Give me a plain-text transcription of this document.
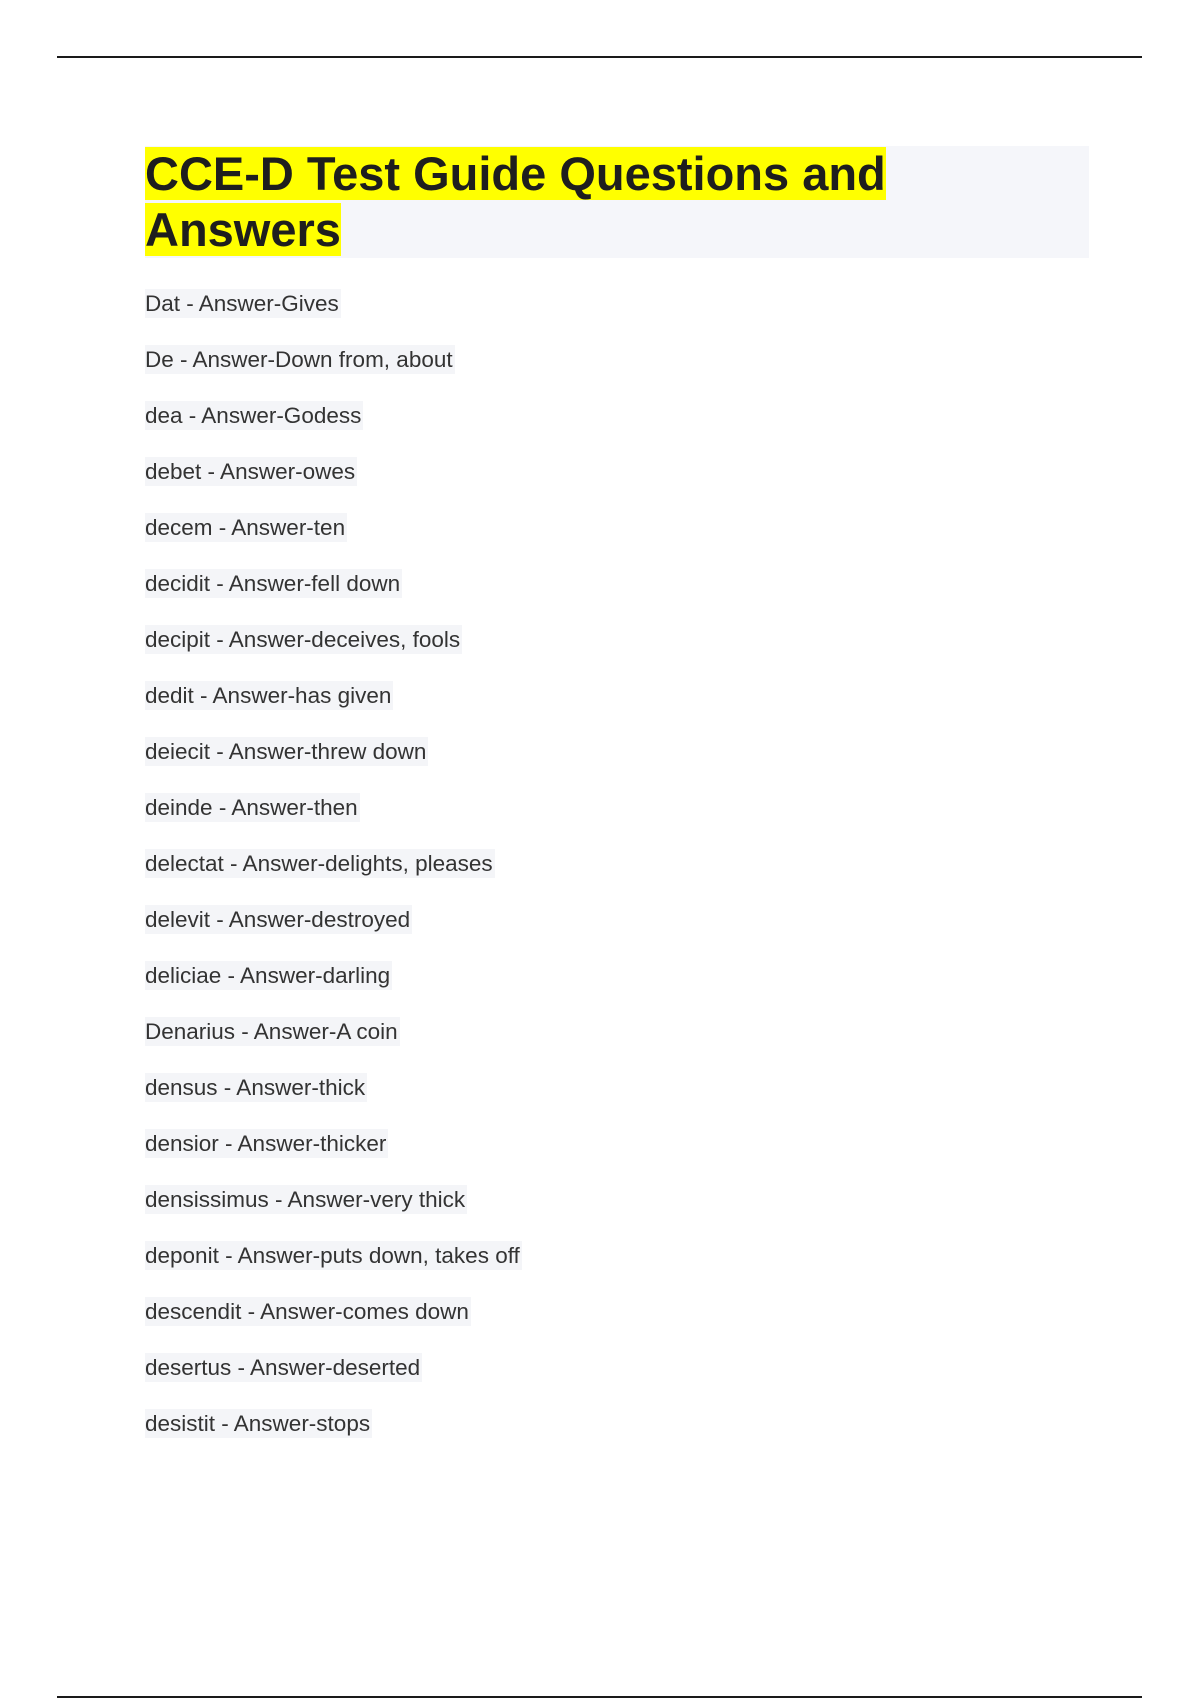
CCE-D Test Guide Questions and
Answers
Dat - Answer-Gives
De - Answer-Down from, about
dea - Answer-Godess
debet - Answer-owes
decem - Answer-ten
decidit - Answer-fell down
decipit - Answer-deceives, fools
dedit - Answer-has given
deiecit - Answer-threw down
deinde - Answer-then
delectat - Answer-delights, pleases
delevit - Answer-destroyed
deliciae - Answer-darling
Denarius - Answer-A coin
densus - Answer-thick
densior - Answer-thicker
densissimus - Answer-very thick
deponit - Answer-puts down, takes off
descendit - Answer-comes down
desertus - Answer-deserted
desistit - Answer-stops
